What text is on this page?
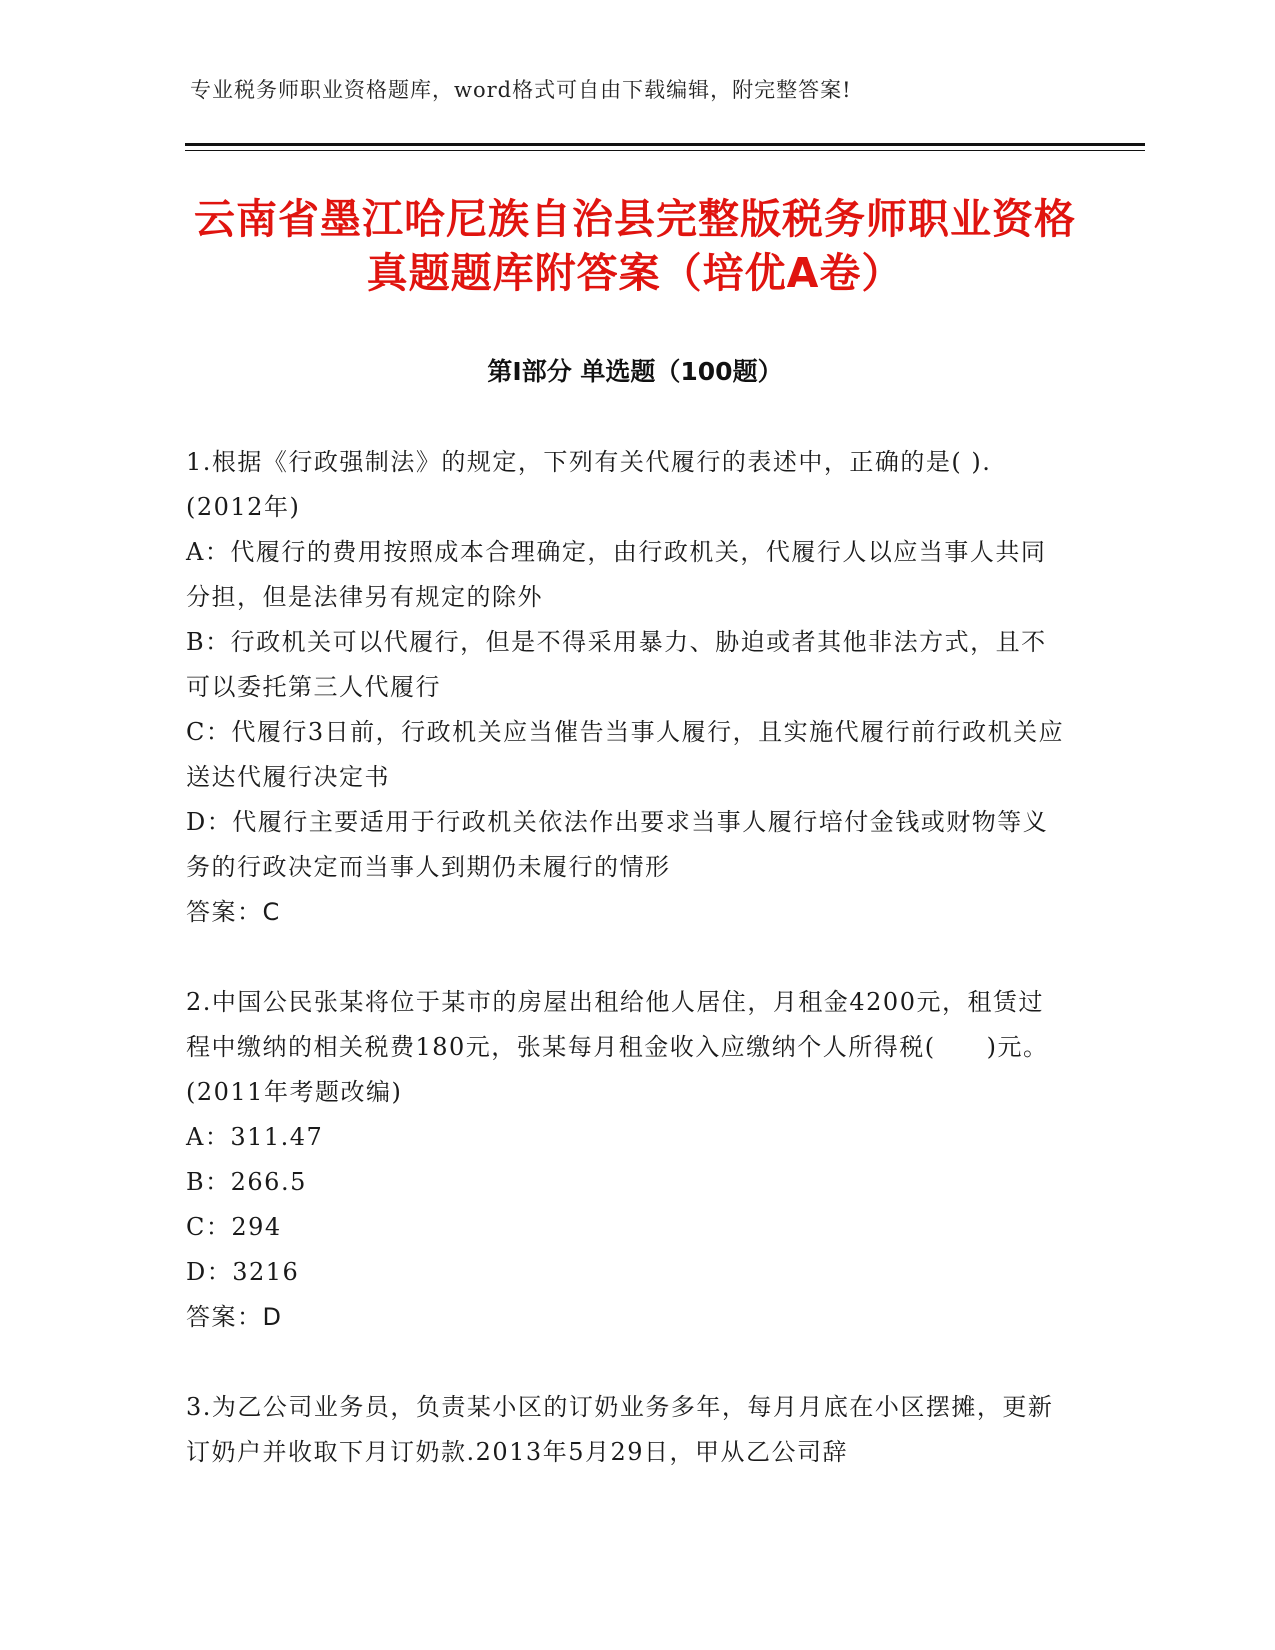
专业税务师职业资格题库，word格式可自由下载编辑，附完整答案!
云南省墨江哈尼族自治县完整版税务师职业资格真题题库附答案（培优A卷）
第Ⅰ部分 单选题（100题）

1.根据《行政强制法》的规定，下列有关代履行的表述中，正确的是( ).(2012年)

A：代履行的费用按照成本合理确定，由行政机关，代履行人以应当事人共同分担，但是法律另有规定的除外

B：行政机关可以代履行，但是不得采用暴力、胁迫或者其他非法方式，且不可以委托第三人代履行

C：代履行3日前，行政机关应当催告当事人履行，且实施代履行前行政机关应送达代履行决定书

D：代履行主要适用于行政机关依法作出要求当事人履行培付金钱或财物等义务的行政决定而当事人到期仍未履行的情形

答案：C

2.中国公民张某将位于某市的房屋出租给他人居住，月租金4200元，租赁过程中缴纳的相关税费180元，张某每月租金收入应缴纳个人所得税(　　)元。(2011年考题改编)

A：311.47

B：266.5

C：294

D：3216

答案：D

3.为乙公司业务员，负责某小区的订奶业务多年，每月月底在小区摆摊，更新订奶户并收取下月订奶款.2013年5月29日，甲从乙公司辞
